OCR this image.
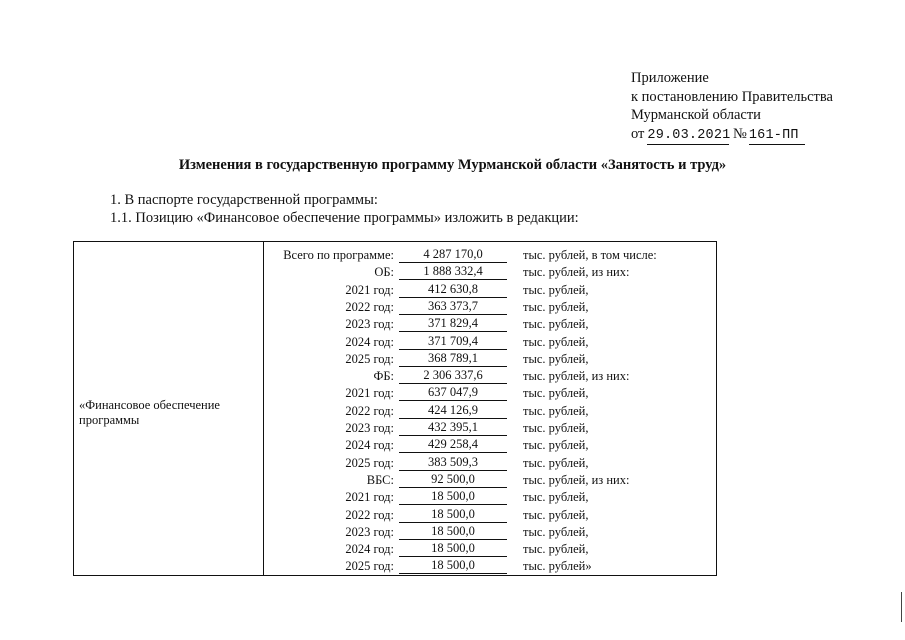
Приложение
к постановлению Правительства
Мурманской области
от 29.03.2021 № 161-ПП
Изменения в государственную программу Мурманской области «Занятость и труд»
1. В паспорте государственной программы:
1.1. Позицию «Финансовое обеспечение программы» изложить в редакции:
«Финансовое обеспечение программы
Всего по программе:	4 287 170,0	тыс. рублей, в том числе:
ОБ:	1 888 332,4	тыс. рублей, из них:
2021 год:	412 630,8	тыс. рублей,
2022 год:	363 373,7	тыс. рублей,
2023 год:	371 829,4	тыс. рублей,
2024 год:	371 709,4	тыс. рублей,
2025 год:	368 789,1	тыс. рублей,
ФБ:	2 306 337,6	тыс. рублей, из них:
2021 год:	637 047,9	тыс. рублей,
2022 год:	424 126,9	тыс. рублей,
2023 год:	432 395,1	тыс. рублей,
2024 год:	429 258,4	тыс. рублей,
2025 год:	383 509,3	тыс. рублей,
ВБС:	92 500,0	тыс. рублей, из них:
2021 год:	18 500,0	тыс. рублей,
2022 год:	18 500,0	тыс. рублей,
2023 год:	18 500,0	тыс. рублей,
2024 год:	18 500,0	тыс. рублей,
2025 год:	18 500,0	тыс. рублей»
